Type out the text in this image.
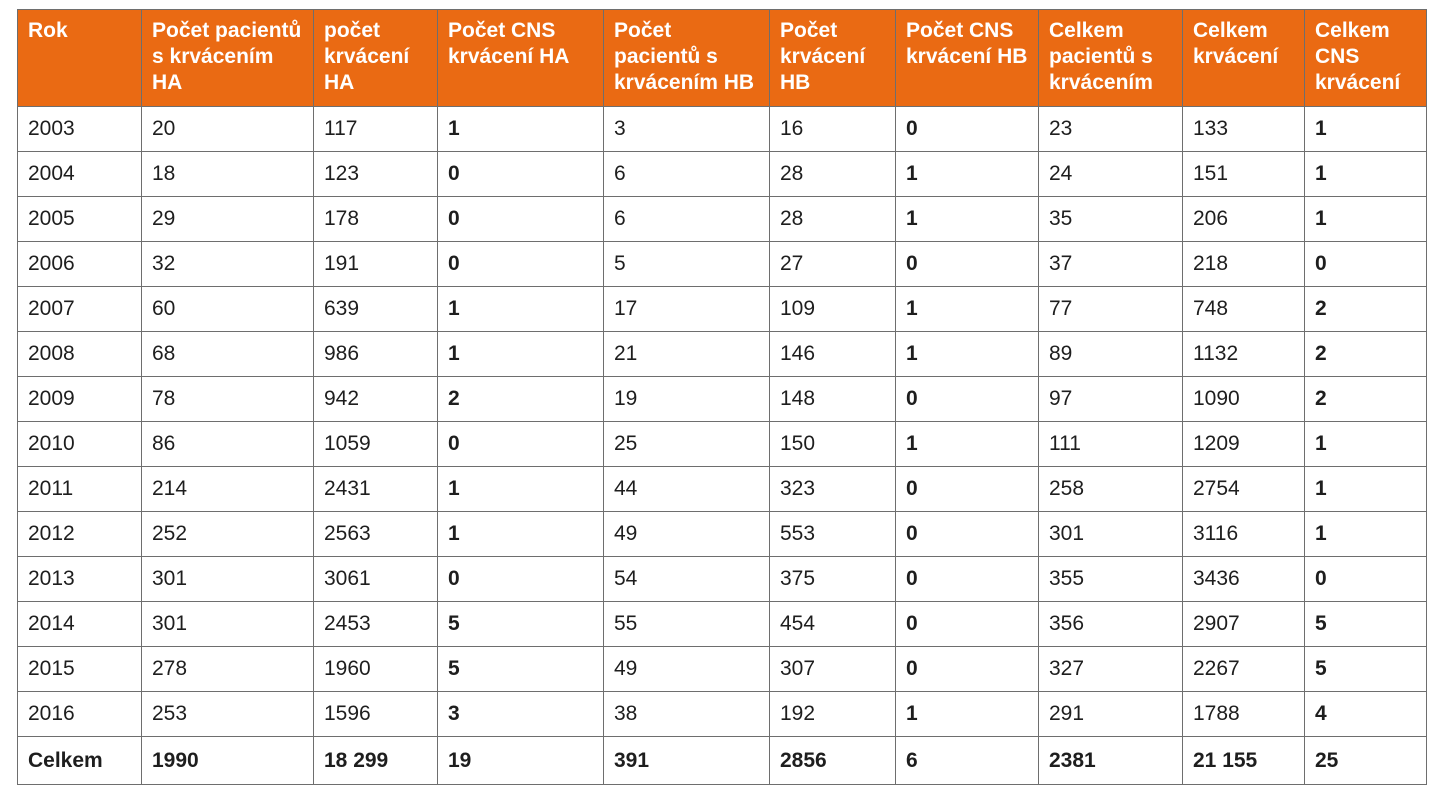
Rok	Počet pacientů s krvácením HA	počet krvácení HA	Počet CNS krvácení HA	Počet pacientů s krvácením HB	Počet krvácení HB	Počet CNS krvácení HB	Celkem pacientů s krvácením	Celkem krvácení	Celkem CNS krvácení
2003	20	117	1	3	16	0	23	133	1
2004	18	123	0	6	28	1	24	151	1
2005	29	178	0	6	28	1	35	206	1
2006	32	191	0	5	27	0	37	218	0
2007	60	639	1	17	109	1	77	748	2
2008	68	986	1	21	146	1	89	1132	2
2009	78	942	2	19	148	0	97	1090	2
2010	86	1059	0	25	150	1	111	1209	1
2011	214	2431	1	44	323	0	258	2754	1
2012	252	2563	1	49	553	0	301	3116	1
2013	301	3061	0	54	375	0	355	3436	0
2014	301	2453	5	55	454	0	356	2907	5
2015	278	1960	5	49	307	0	327	2267	5
2016	253	1596	3	38	192	1	291	1788	4
Celkem	1990	18 299	19	391	2856	6	2381	21 155	25
